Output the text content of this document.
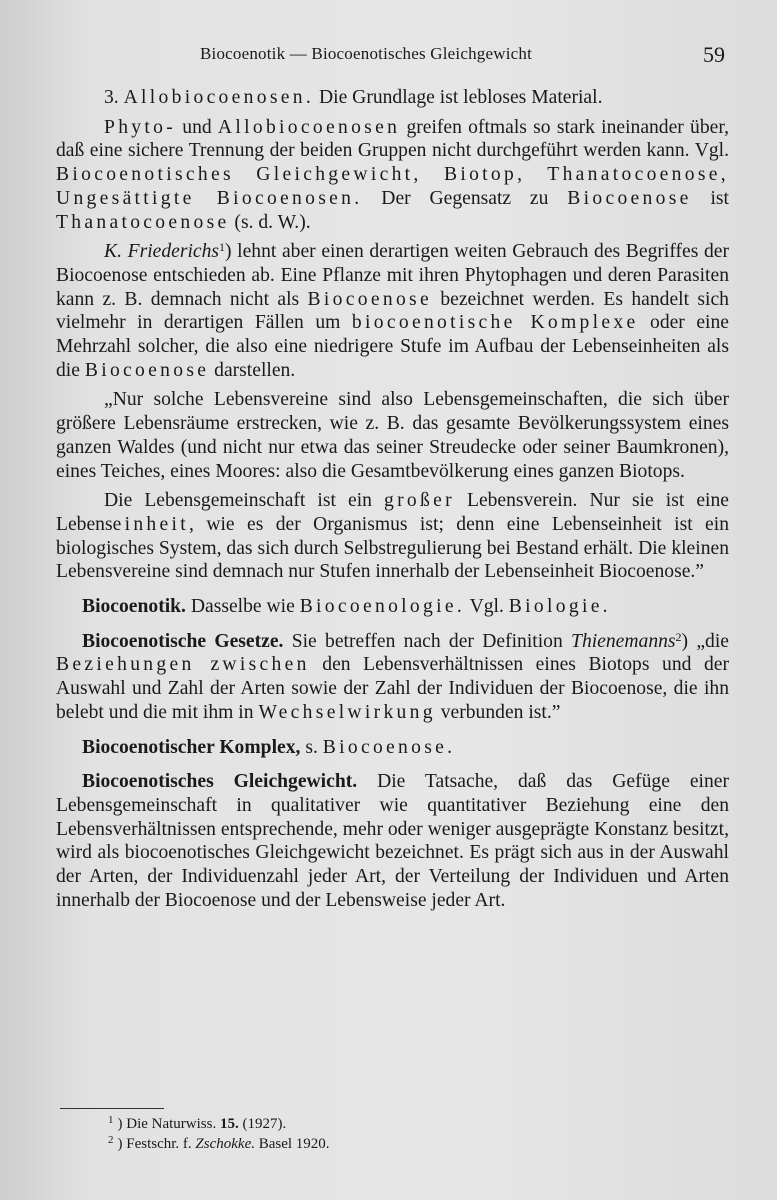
Biocoenotik — Biocoenotisches Gleichgewicht	59

3. Allobiocoenosen. Die Grundlage ist lebloses Material.

Phyto- und Allobiocoenosen greifen oftmals so stark ineinander über, daß eine sichere Trennung der beiden Gruppen nicht durchgeführt werden kann. Vgl. Biocoenotisches Gleichgewicht, Biotop, Thanatocoenose, Ungesättigte Biocoenosen. Der Gegensatz zu Biocoenose ist Thanatocoenose (s. d. W.).

K. Friederichs$^1$) lehnt aber einen derartigen weiten Gebrauch des Begriffes der Biocoenose entschieden ab. Eine Pflanze mit ihren Phytophagen und deren Parasiten kann z. B. demnach nicht als Biocoenose bezeichnet werden. Es handelt sich vielmehr in derartigen Fällen um biocoenotische Komplexe oder eine Mehrzahl solcher, die also eine niedrigere Stufe im Aufbau der Lebenseinheiten als die Biocoenose darstellen.

„Nur solche Lebensvereine sind also Lebensgemeinschaften, die sich über größere Lebensräume erstrecken, wie z. B. das gesamte Bevölkerungssystem eines ganzen Waldes (und nicht nur etwa das seiner Streudecke oder seiner Baumkronen), eines Teiches, eines Moores: also die Gesamtbevölkerung eines ganzen Biotops.

Die Lebensgemeinschaft ist ein großer Lebensverein. Nur sie ist eine Lebenseinheit, wie es der Organismus ist; denn eine Lebenseinheit ist ein biologisches System, das sich durch Selbstregulierung bei Bestand erhält. Die kleinen Lebensvereine sind demnach nur Stufen innerhalb der Lebenseinheit Biocoenose.”

Biocoenotik. Dasselbe wie Biocoenologie. Vgl. Biologie.

Biocoenotische Gesetze. Sie betreffen nach der Definition Thienemanns$^2$) „die Beziehungen zwischen den Lebensverhältnissen eines Biotops und der Auswahl und Zahl der Arten sowie der Zahl der Individuen der Biocoenose, die ihn belebt und die mit ihm in Wechselwirkung verbunden ist.”

Biocoenotischer Komplex, s. Biocoenose.

Biocoenotisches Gleichgewicht. Die Tatsache, daß das Gefüge einer Lebensgemeinschaft in qualitativer wie quantitativer Beziehung eine den Lebensverhältnissen entsprechende, mehr oder weniger ausgeprägte Konstanz besitzt, wird als biocoenotisches Gleichgewicht bezeichnet. Es prägt sich aus in der Auswahl der Arten, der Individuenzahl jeder Art, der Verteilung der Individuen und Arten innerhalb der Biocoenose und der Lebensweise jeder Art.

$^1$ ) Die Naturwiss. 15. (1927).
$^2$ ) Festschr. f. Zschokke. Basel 1920.
